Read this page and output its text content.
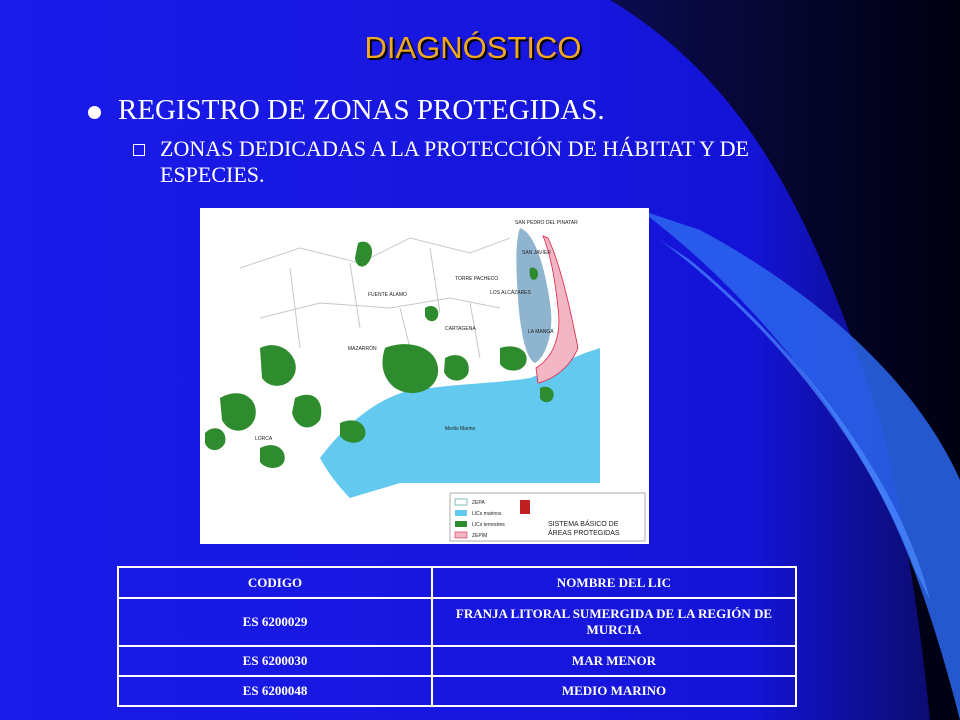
DIAGNÓSTICO
REGISTRO DE ZONAS PROTEGIDAS.
ZONAS DEDICADAS A LA PROTECCIÓN DE HÁBITAT Y DE ESPECIES.
SAN PEDRO DEL PINATAR
SAN JAVIER
TORRE PACHECO
LOS ALCÁZARES
FUENTE ÁLAMO
CARTAGENA
MAZARRÓN
LORCA
LA MANGA
Medio Marino
ZEPA
LICs marinos
LICs terrestres
ZEPIM
SISTEMA BÁSICO DE
ÁREAS PROTEGIDAS
CODIGO	NOMBRE DEL LIC
ES 6200029	FRANJA LITORAL SUMERGIDA DE LA REGIÓN DE MURCIA
ES 6200030	MAR MENOR
ES 6200048	MEDIO MARINO
